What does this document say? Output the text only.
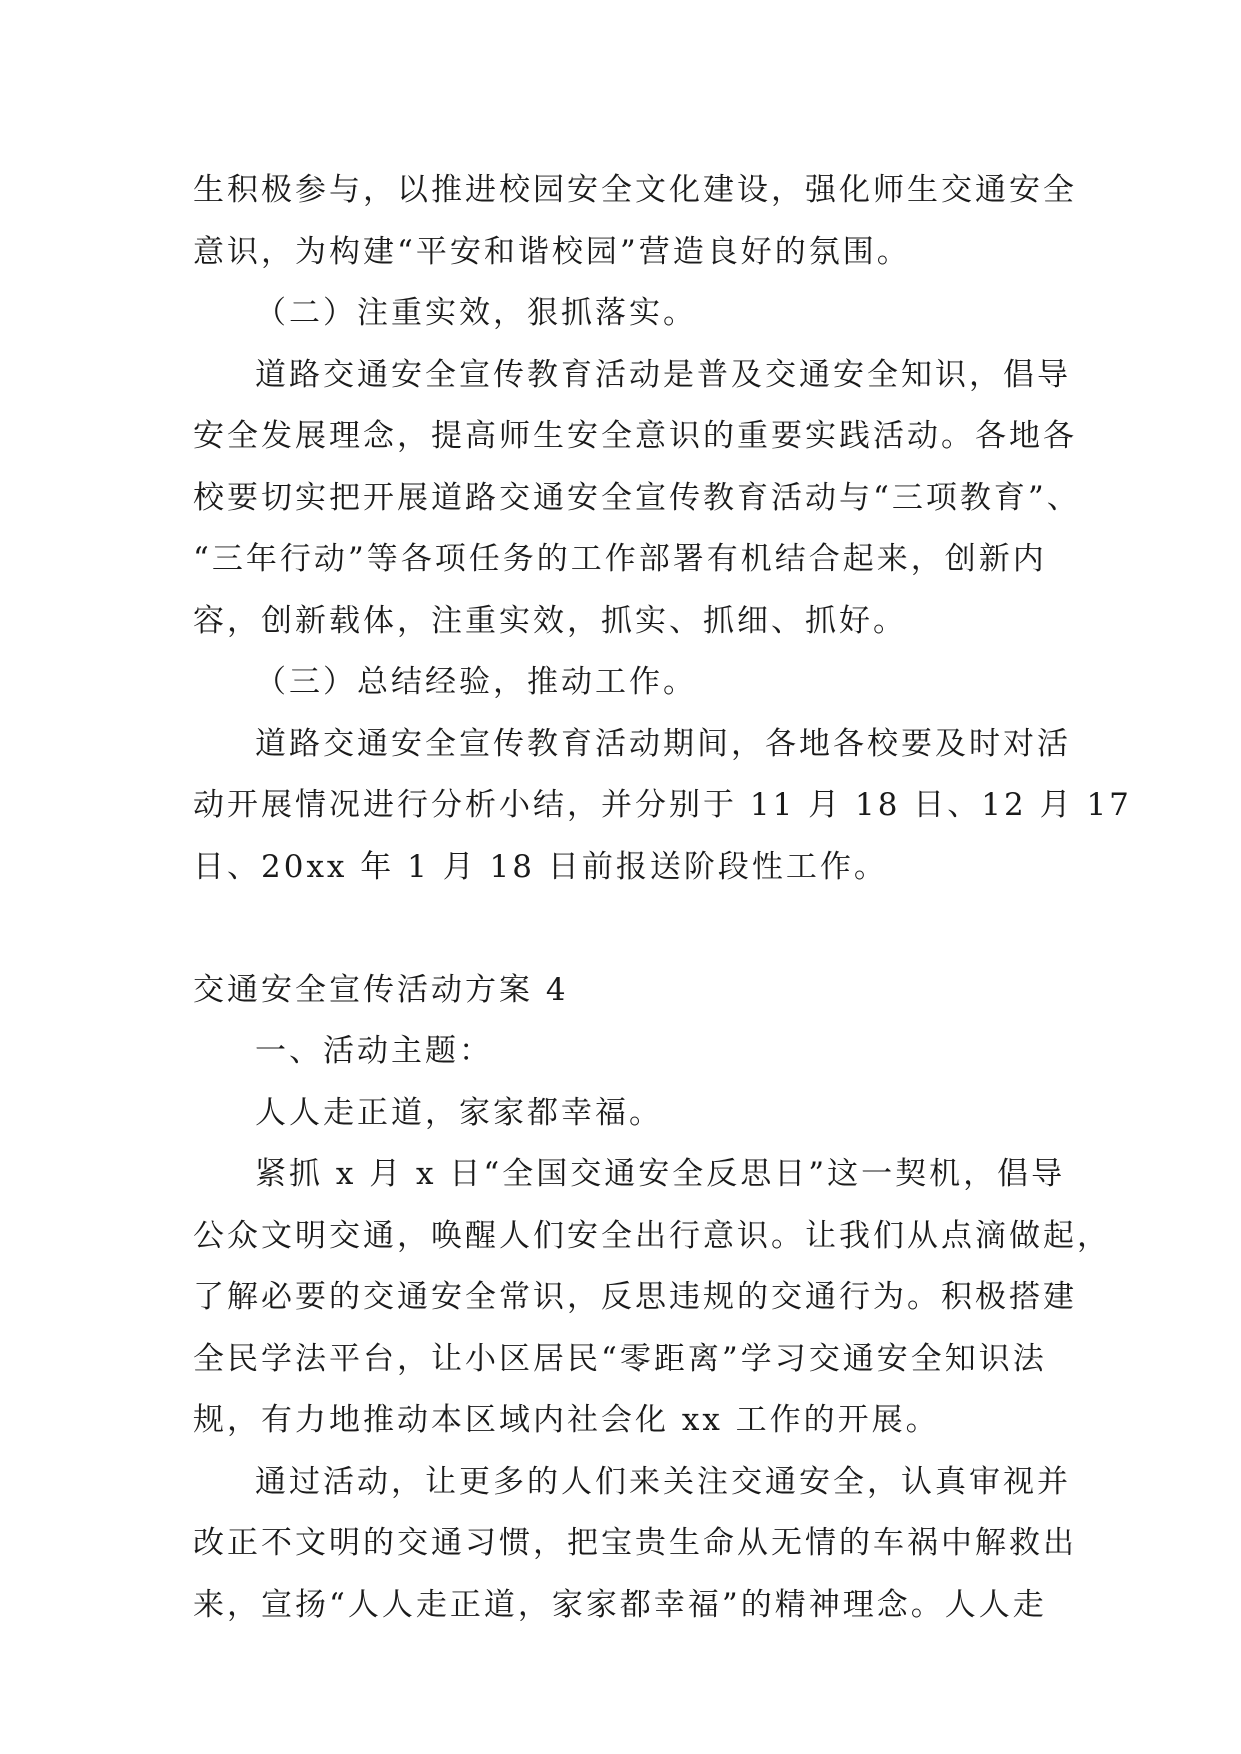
生积极参与，以推进校园安全文化建设，强化师生交通安全
意识，为构建“平安和谐校园”营造良好的氛围。
（二）注重实效，狠抓落实。
道路交通安全宣传教育活动是普及交通安全知识，倡导
安全发展理念，提高师生安全意识的重要实践活动。各地各
校要切实把开展道路交通安全宣传教育活动与“三项教育”、
“三年行动”等各项任务的工作部署有机结合起来，创新内
容，创新载体，注重实效，抓实、抓细、抓好。
（三）总结经验，推动工作。
道路交通安全宣传教育活动期间，各地各校要及时对活
动开展情况进行分析小结，并分别于 11 月 18 日、12 月 17
日、20xx 年 1 月 18 日前报送阶段性工作。
交通安全宣传活动方案 4
一、活动主题：
人人走正道，家家都幸福。
紧抓 x 月 x 日“全国交通安全反思日”这一契机，倡导
公众文明交通，唤醒人们安全出行意识。让我们从点滴做起，
了解必要的交通安全常识，反思违规的交通行为。积极搭建
全民学法平台，让小区居民“零距离”学习交通安全知识法
规，有力地推动本区域内社会化 xx 工作的开展。
通过活动，让更多的人们来关注交通安全，认真审视并
改正不文明的交通习惯，把宝贵生命从无情的车祸中解救出
来，宣扬“人人走正道，家家都幸福”的精神理念。人人走
